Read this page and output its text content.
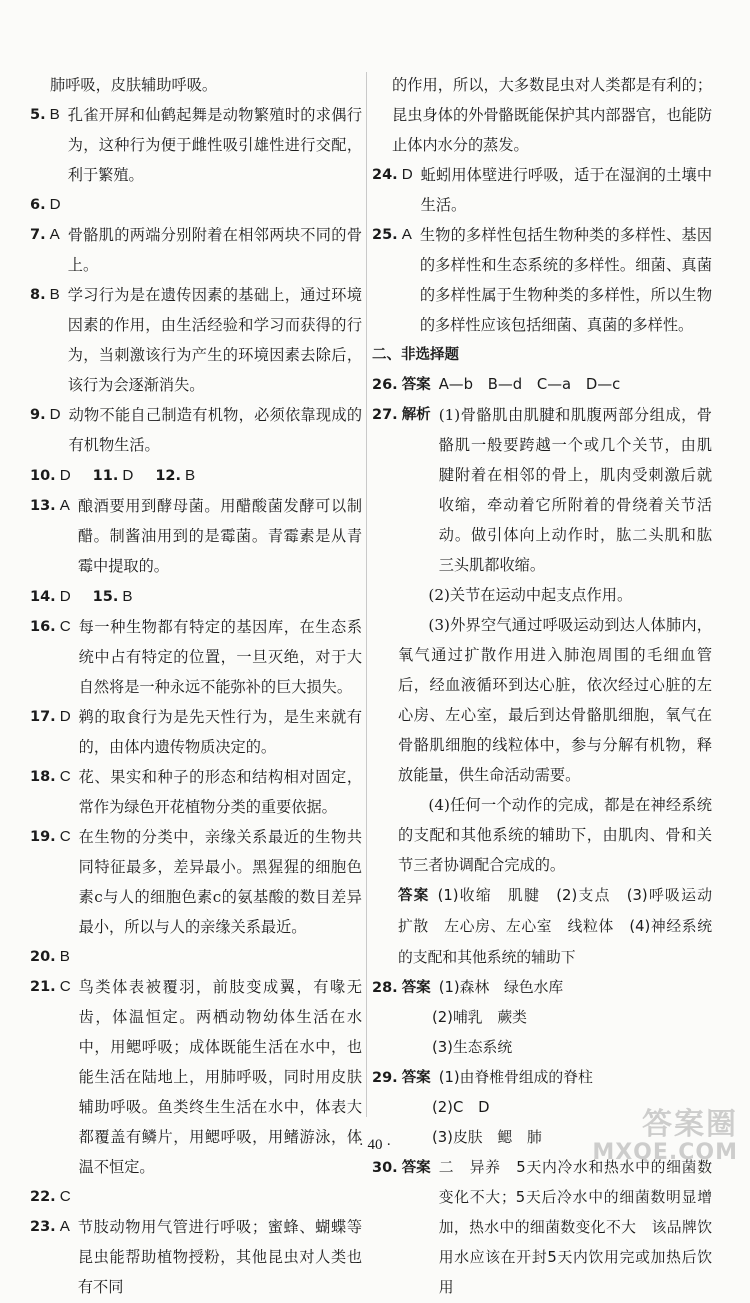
肺呼吸，皮肤辅助呼吸。
5. B 孔雀开屏和仙鹤起舞是动物繁殖时的求偶行为，这种行为便于雌性吸引雄性进行交配，利于繁殖。
6. D
7. A 骨骼肌的两端分别附着在相邻两块不同的骨上。
8. B 学习行为是在遗传因素的基础上，通过环境因素的作用，由生活经验和学习而获得的行为，当刺激该行为产生的环境因素去除后，该行为会逐渐消失。
9. D 动物不能自己制造有机物，必须依靠现成的有机物生活。
10. D 11. D 12. B
13. A 酿酒要用到酵母菌。用醋酸菌发酵可以制醋。制酱油用到的是霉菌。青霉素是从青霉中提取的。
14. D 15. B
16. C 每一种生物都有特定的基因库，在生态系统中占有特定的位置，一旦灭绝，对于大自然将是一种永远不能弥补的巨大损失。
17. D 鹈的取食行为是先天性行为，是生来就有的，由体内遗传物质决定的。
18. C 花、果实和种子的形态和结构相对固定，常作为绿色开花植物分类的重要依据。
19. C 在生物的分类中，亲缘关系最近的生物共同特征最多，差异最小。黑猩猩的细胞色素c与人的细胞色素c的氨基酸的数目差异最小，所以与人的亲缘关系最近。
20. B
21. C 鸟类体表被覆羽，前肢变成翼，有喙无齿，体温恒定。两栖动物幼体生活在水中，用鳃呼吸；成体既能生活在水中，也能生活在陆地上，用肺呼吸，同时用皮肤辅助呼吸。鱼类终生生活在水中，体表大都覆盖有鳞片，用鳃呼吸，用鳍游泳，体温不恒定。
22. C
23. A 节肢动物用气管进行呼吸；蜜蜂、蝴蝶等昆虫能帮助植物授粉，其他昆虫对人类也有不同
的作用，所以，大多数昆虫对人类都是有利的；昆虫身体的外骨骼既能保护其内部器官，也能防止体内水分的蒸发。
24. D 蚯蚓用体壁进行呼吸，适于在湿润的土壤中生活。
25. A 生物的多样性包括生物种类的多样性、基因的多样性和生态系统的多样性。细菌、真菌的多样性属于生物种类的多样性，所以生物的多样性应该包括细菌、真菌的多样性。
二、非选择题
26. 答案 A—b　B—d　C—a　D—c
27. 解析 (1)骨骼肌由肌腱和肌腹两部分组成，骨骼肌一般要跨越一个或几个关节，由肌腱附着在相邻的骨上，肌肉受刺激后就收缩，牵动着它所附着的骨绕着关节活动。做引体向上动作时，肱二头肌和肱三头肌都收缩。
(2)关节在运动中起支点作用。
(3)外界空气通过呼吸运动到达人体肺内，氧气通过扩散作用进入肺泡周围的毛细血管后，经血液循环到达心脏，依次经过心脏的左心房、左心室，最后到达骨骼肌细胞，氧气在骨骼肌细胞的线粒体中，参与分解有机物，释放能量，供生命活动需要。
(4)任何一个动作的完成，都是在神经系统的支配和其他系统的辅助下，由肌肉、骨和关节三者协调配合完成的。
答案 (1)收缩　肌腱　(2)支点　(3)呼吸运动　扩散　左心房、左心室　线粒体　(4)神经系统的支配和其他系统的辅助下
28. 答案 (1)森林　绿色水库
(2)哺乳　蕨类
(3)生态系统
29. 答案 (1)由脊椎骨组成的脊柱
(2)C　D
(3)皮肤　鳃　肺
30. 答案 二　异养　5天内冷水和热水中的细菌数变化不大；5天后冷水中的细菌数明显增加，热水中的细菌数变化不大　该品牌饮用水应该在开封5天内饮用完或加热后饮用
· 40 ·
答案圈
MXQE.COM
